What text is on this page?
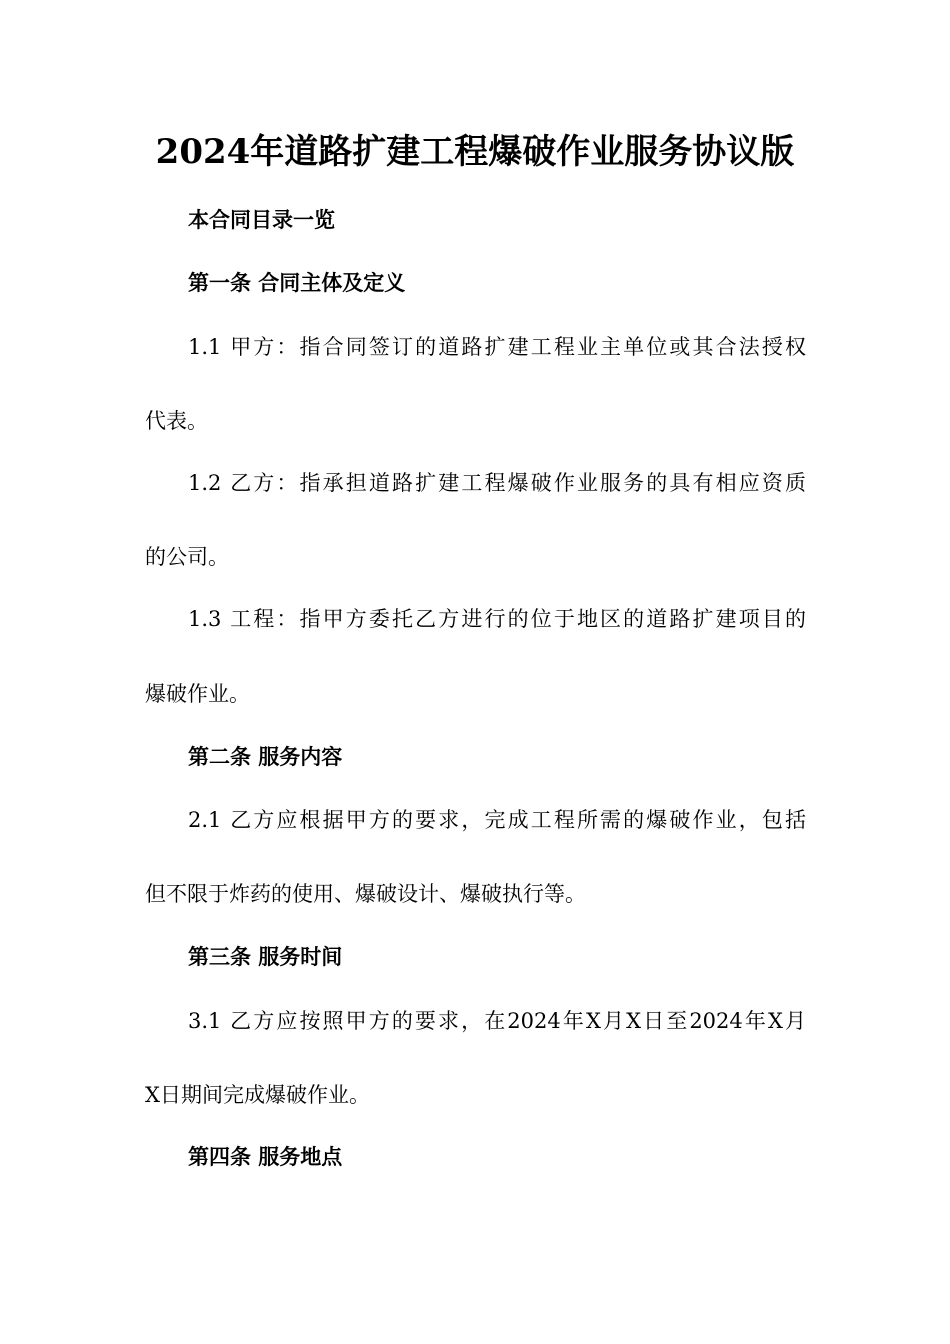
2024年道路扩建工程爆破作业服务协议版
本合同目录一览
第一条 合同主体及定义
1.1 甲方：指合同签订的道路扩建工程业主单位或其合法授权
代表。
1.2 乙方：指承担道路扩建工程爆破作业服务的具有相应资质
的公司。
1.3 工程：指甲方委托乙方进行的位于地区的道路扩建项目的
爆破作业。
第二条 服务内容
2.1 乙方应根据甲方的要求，完成工程所需的爆破作业，包括
但不限于炸药的使用、爆破设计、爆破执行等。
第三条 服务时间
3.1 乙方应按照甲方的要求，在2024年X月X日至2024年X月
X日期间完成爆破作业。
第四条 服务地点
